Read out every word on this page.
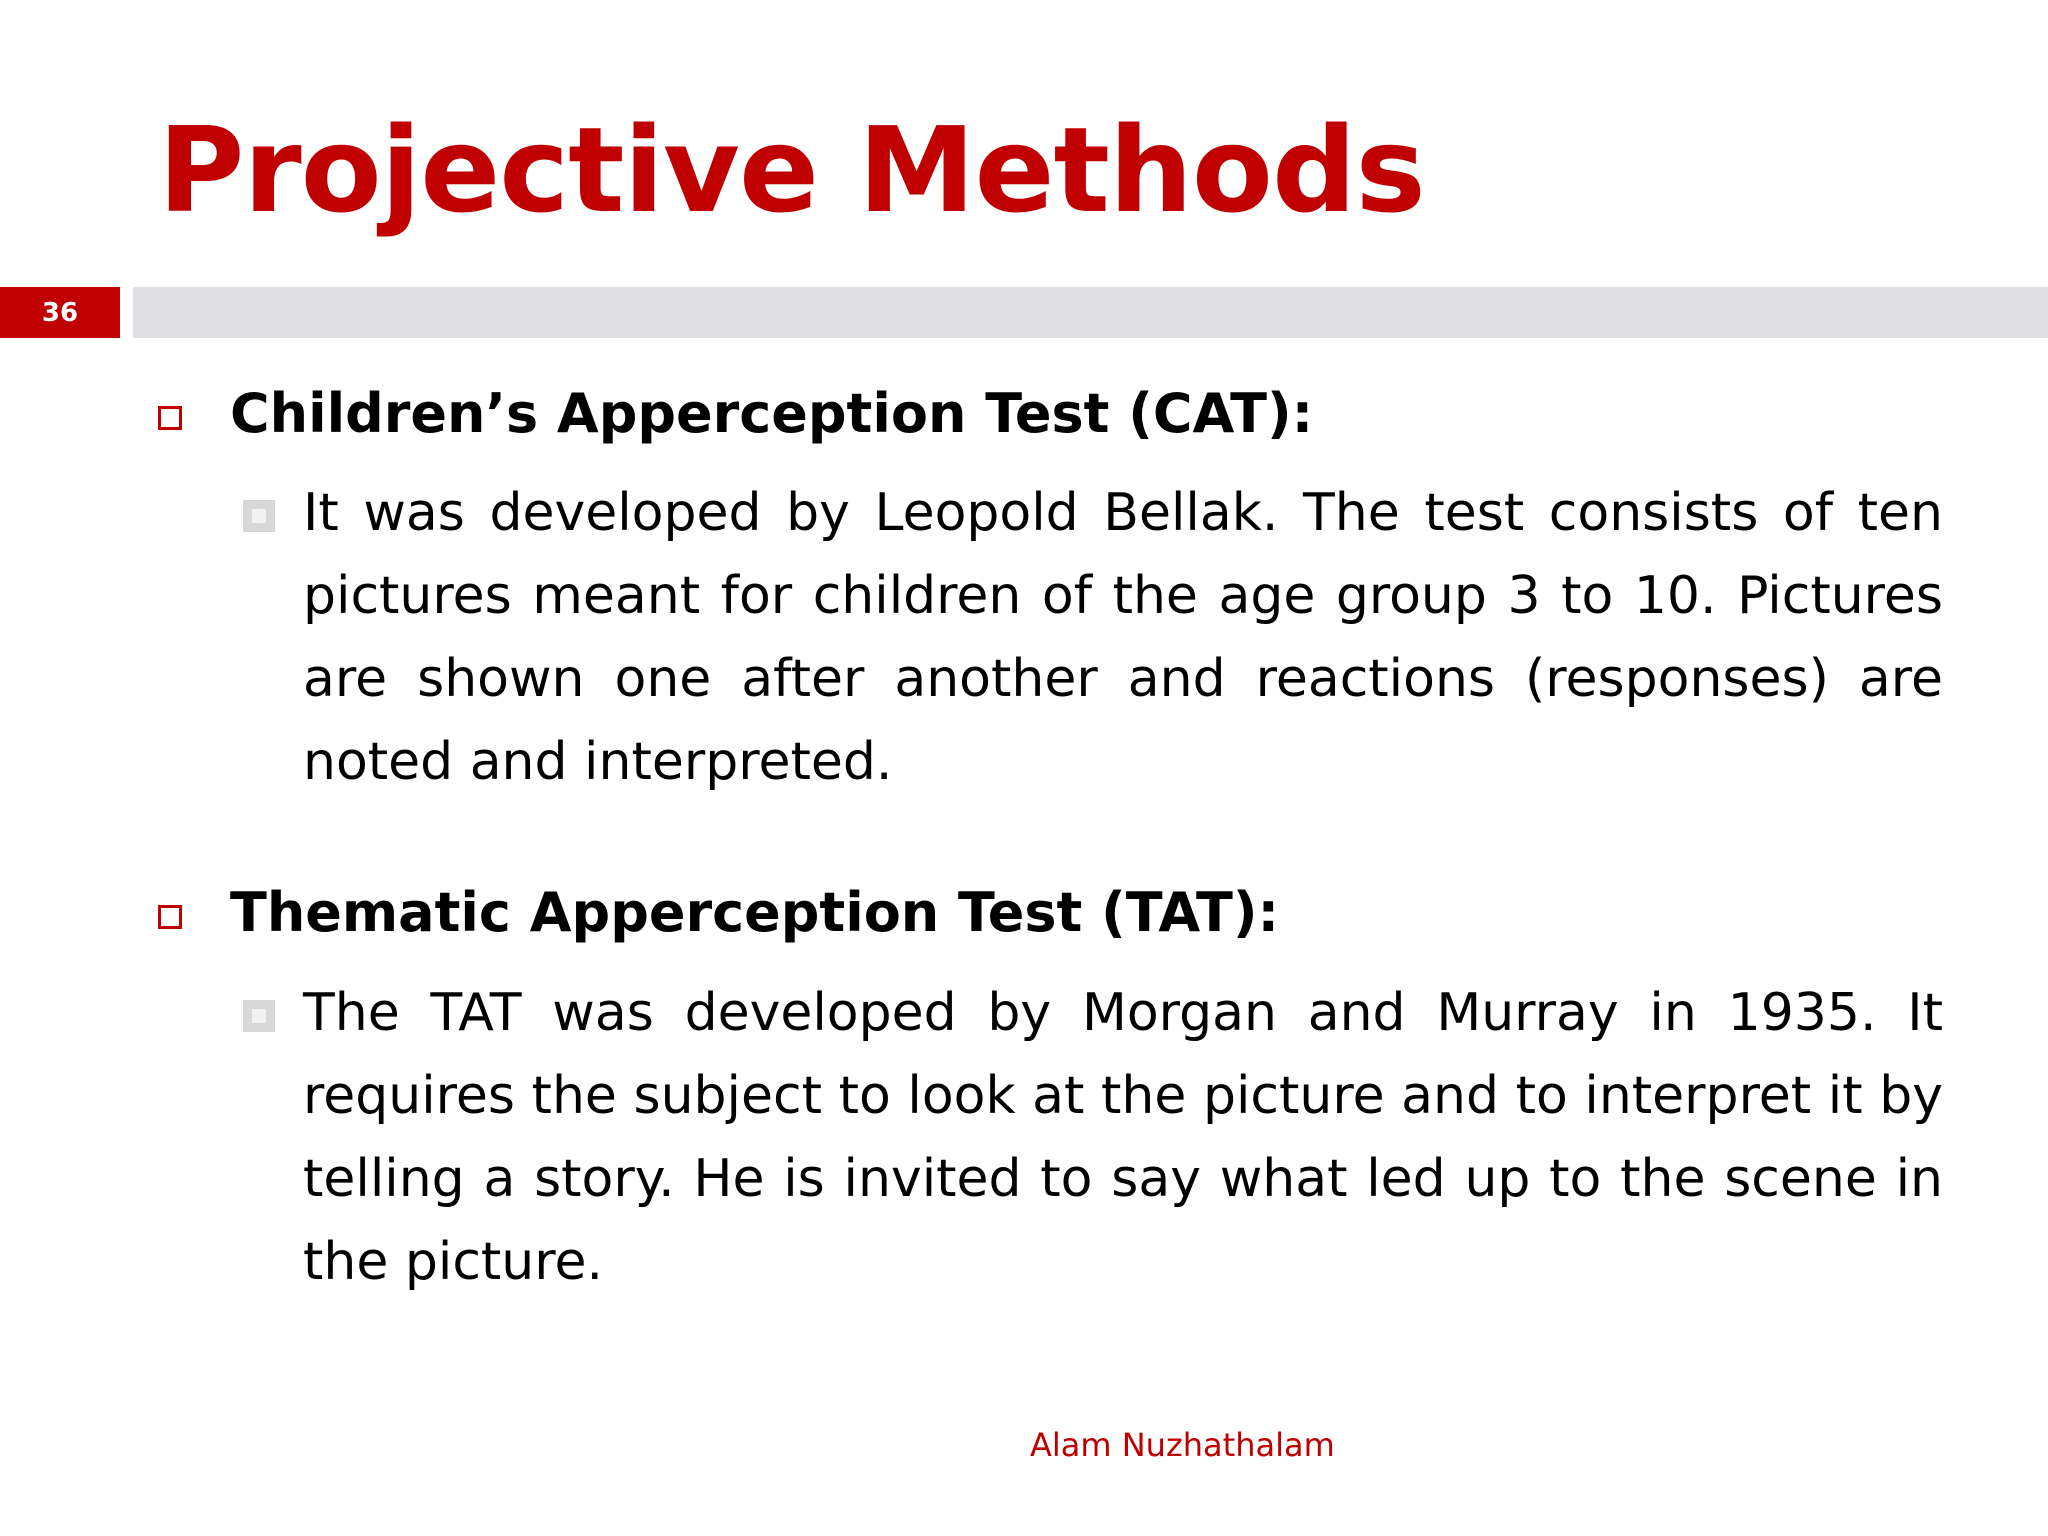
Projective Methods
36
Children’s Apperception Test (CAT):

It was developed by Leopold Bellak. The test consists of ten pictures meant for children of the age group 3 to 10. Pictures are shown one after another and reactions (responses) are noted and interpreted.

Thematic Apperception Test (TAT):

The TAT was developed by Morgan and Murray in 1935. It requires the subject to look at the picture and to interpret it by telling a story. He is invited to say what led up to the scene in the picture.

Alam Nuzhathalam
